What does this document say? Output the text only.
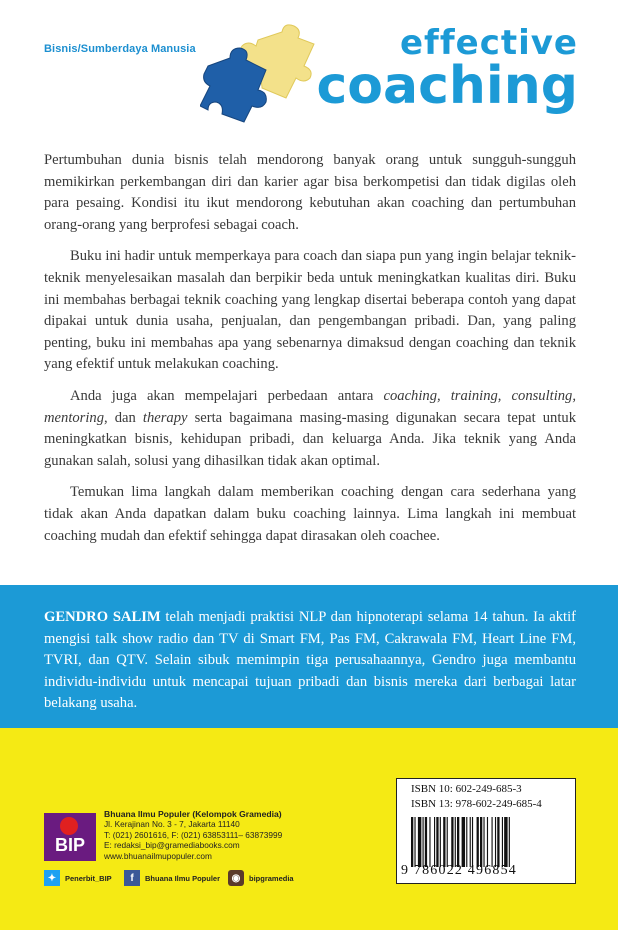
Bisnis/Sumberdaya Manusia	effective
coaching

Pertumbuhan dunia bisnis telah mendorong banyak orang untuk sungguh-sungguh memikirkan perkembangan diri dan karier agar bisa berkompetisi dan tidak digilas oleh para pesaing. Kondisi itu ikut mendorong kebutuhan akan coaching dan pertumbuhan orang-orang yang berprofesi sebagai coach.

Buku ini hadir untuk memperkaya para coach dan siapa pun yang ingin belajar teknik-teknik menyelesaikan masalah dan berpikir beda untuk meningkatkan kualitas diri. Buku ini membahas berbagai teknik coaching yang lengkap disertai beberapa contoh yang dapat dipakai untuk dunia usaha, penjualan, dan pengembangan pribadi. Dan, yang paling penting, buku ini membahas apa yang sebenarnya dimaksud dengan coaching dan teknik yang efektif untuk melakukan coaching.

Anda juga akan mempelajari perbedaan antara coaching, training, consulting, mentoring, dan therapy serta bagaimana masing-masing digunakan secara tepat untuk meningkatkan bisnis, kehidupan pribadi, dan keluarga Anda. Jika teknik yang Anda gunakan salah, solusi yang dihasilkan tidak akan optimal.

Temukan lima langkah dalam memberikan coaching dengan cara sederhana yang tidak akan Anda dapatkan dalam buku coaching lainnya. Lima langkah ini membuat coaching mudah dan efektif sehingga dapat dirasakan oleh coachee.

GENDRO SALIM telah menjadi praktisi NLP dan hipnoterapi selama 14 tahun. Ia aktif mengisi talk show radio dan TV di Smart FM, Pas FM, Cakrawala FM, Heart Line FM, TVRI, dan QTV. Selain sibuk memimpin tiga perusahaannya, Gendro juga membantu individu-individu untuk mencapai tujuan pribadi dan bisnis mereka dari berbagai latar belakang usaha.
BIP
Bhuana Ilmu Populer (Kelompok Gramedia)
Jl. Kerajinan No. 3 - 7, Jakarta 11140
T: (021) 2601616, F: (021) 63853111– 63873999
E: redaksi_bip@gramediabooks.com
www.bhuanailmupopuler.com
✦	Penerbit_BIP	f	Bhuana Ilmu Populer	◉	bipgramedia
ISBN 10: 602-249-685-3
ISBN 13: 978-602-249-685-4
9 786022 496854
